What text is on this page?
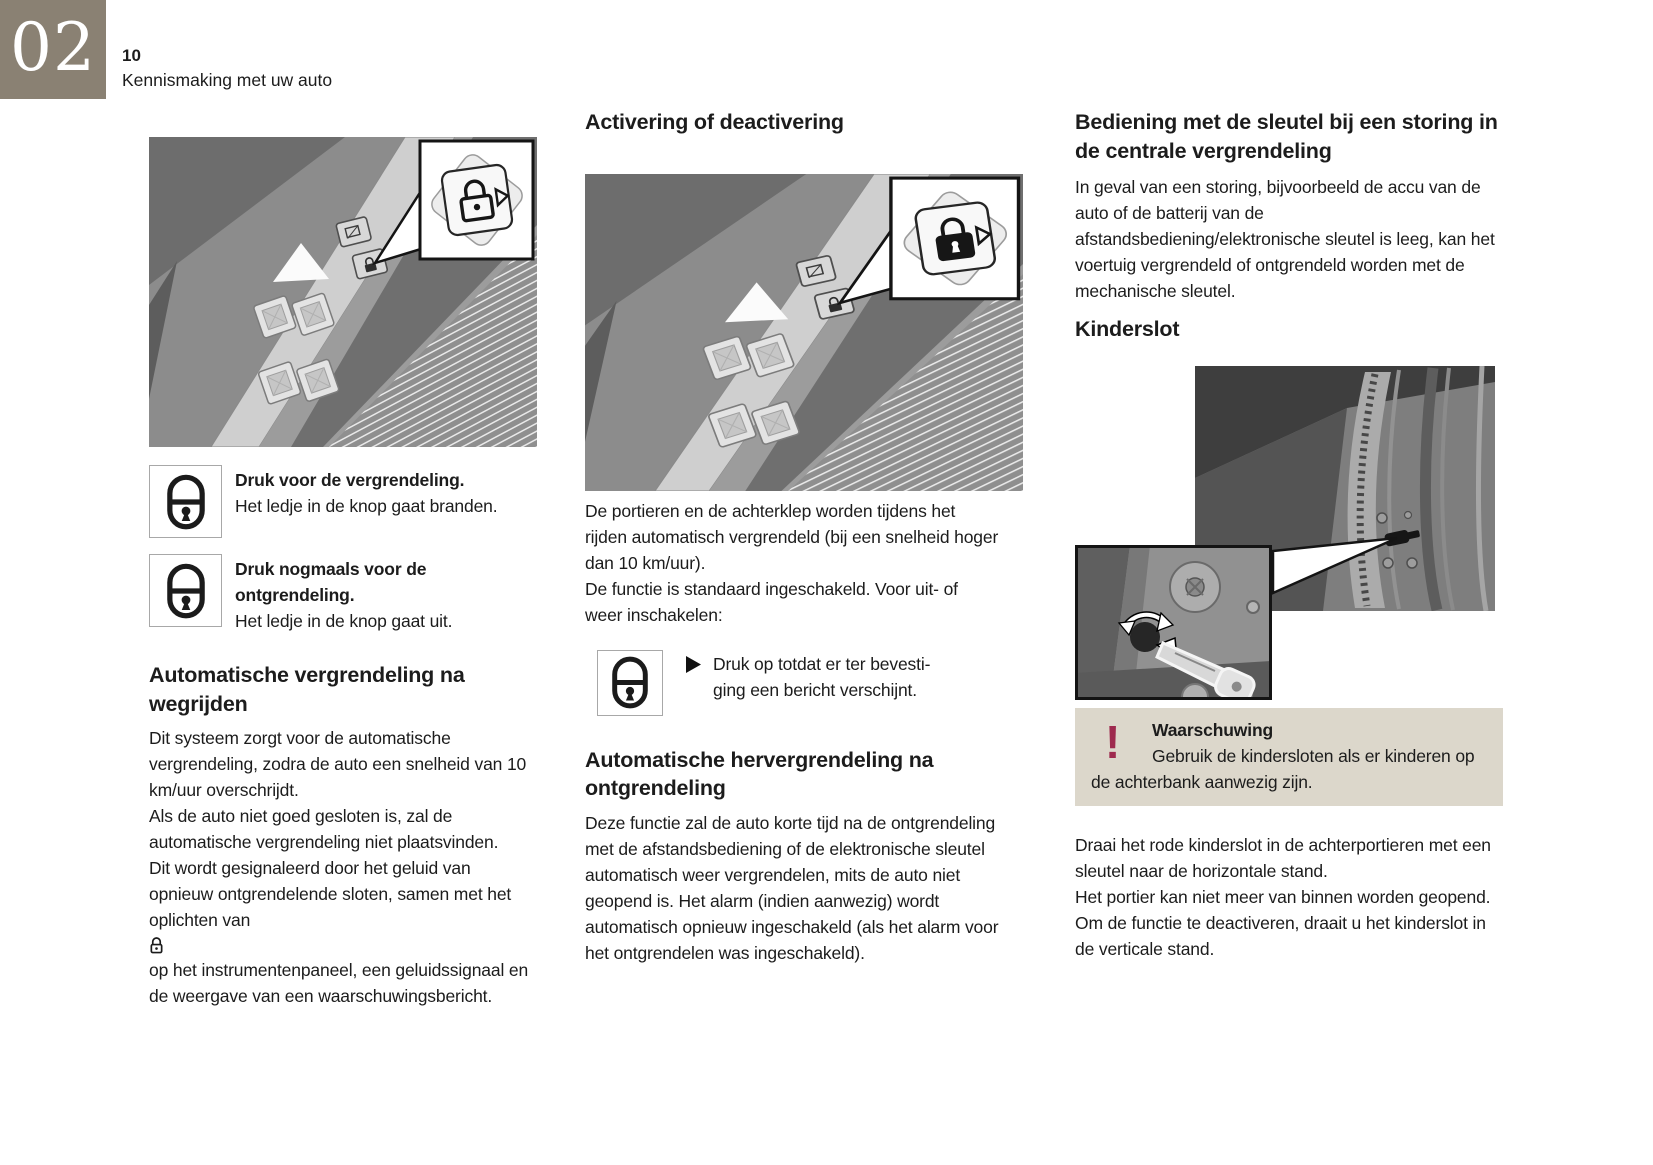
02 10
Kennismaking met uw auto
Druk voor de vergrendeling.
Het ledje in de knop gaat branden.
Druk nogmaals voor de ontgrendeling.
Het ledje in de knop gaat uit.
Automatische vergrendeling na wegrijden

Dit systeem zorgt voor de automatische vergrendeling, zodra de auto een snelheid van 10 km/uur overschrijdt.

Als de auto niet goed gesloten is, zal de automatische vergrendeling niet plaatsvinden.

Dit wordt gesignaleerd door het geluid van opnieuw ontgrendelende sloten, samen met het oplichten van

op het instrumentenpaneel, een geluidssignaal en de weergave van een waarschuwingsbericht.

Activering of deactivering

De portieren en de achterklep worden tijdens het rijden automatisch vergrendeld (bij een snelheid hoger dan 10 km/uur).

De functie is standaard ingeschakeld. Voor uit- of weer inschakelen:

Druk op totdat er ter bevesti-
ging een bericht verschijnt.
Automatische hervergrendeling na ontgrendeling

Deze functie zal de auto korte tijd na de ontgrendeling met de afstandsbediening of de elektronische sleutel automatisch weer vergrendelen, mits de auto niet geopend is. Het alarm (indien aanwezig) wordt automatisch opnieuw ingeschakeld (als het alarm voor het ontgrendelen was ingeschakeld).

Bediening met de sleutel bij een storing in de centrale vergrendeling

In geval van een storing, bijvoorbeeld de accu van de auto of de batterij van de afstandsbediening/elektronische sleutel is leeg, kan het voertuig vergrendeld of ontgrendeld worden met de mechanische sleutel.

Kinderslot
!	Waarschuwing
Gebruik de kindersloten als er kinderen op de achterbank aanwezig zijn.

Draai het rode kinderslot in de achterportieren met een sleutel naar de horizontale stand.

Het portier kan niet meer van binnen worden geopend.

Om de functie te deactiveren, draait u het kinderslot in de verticale stand.
